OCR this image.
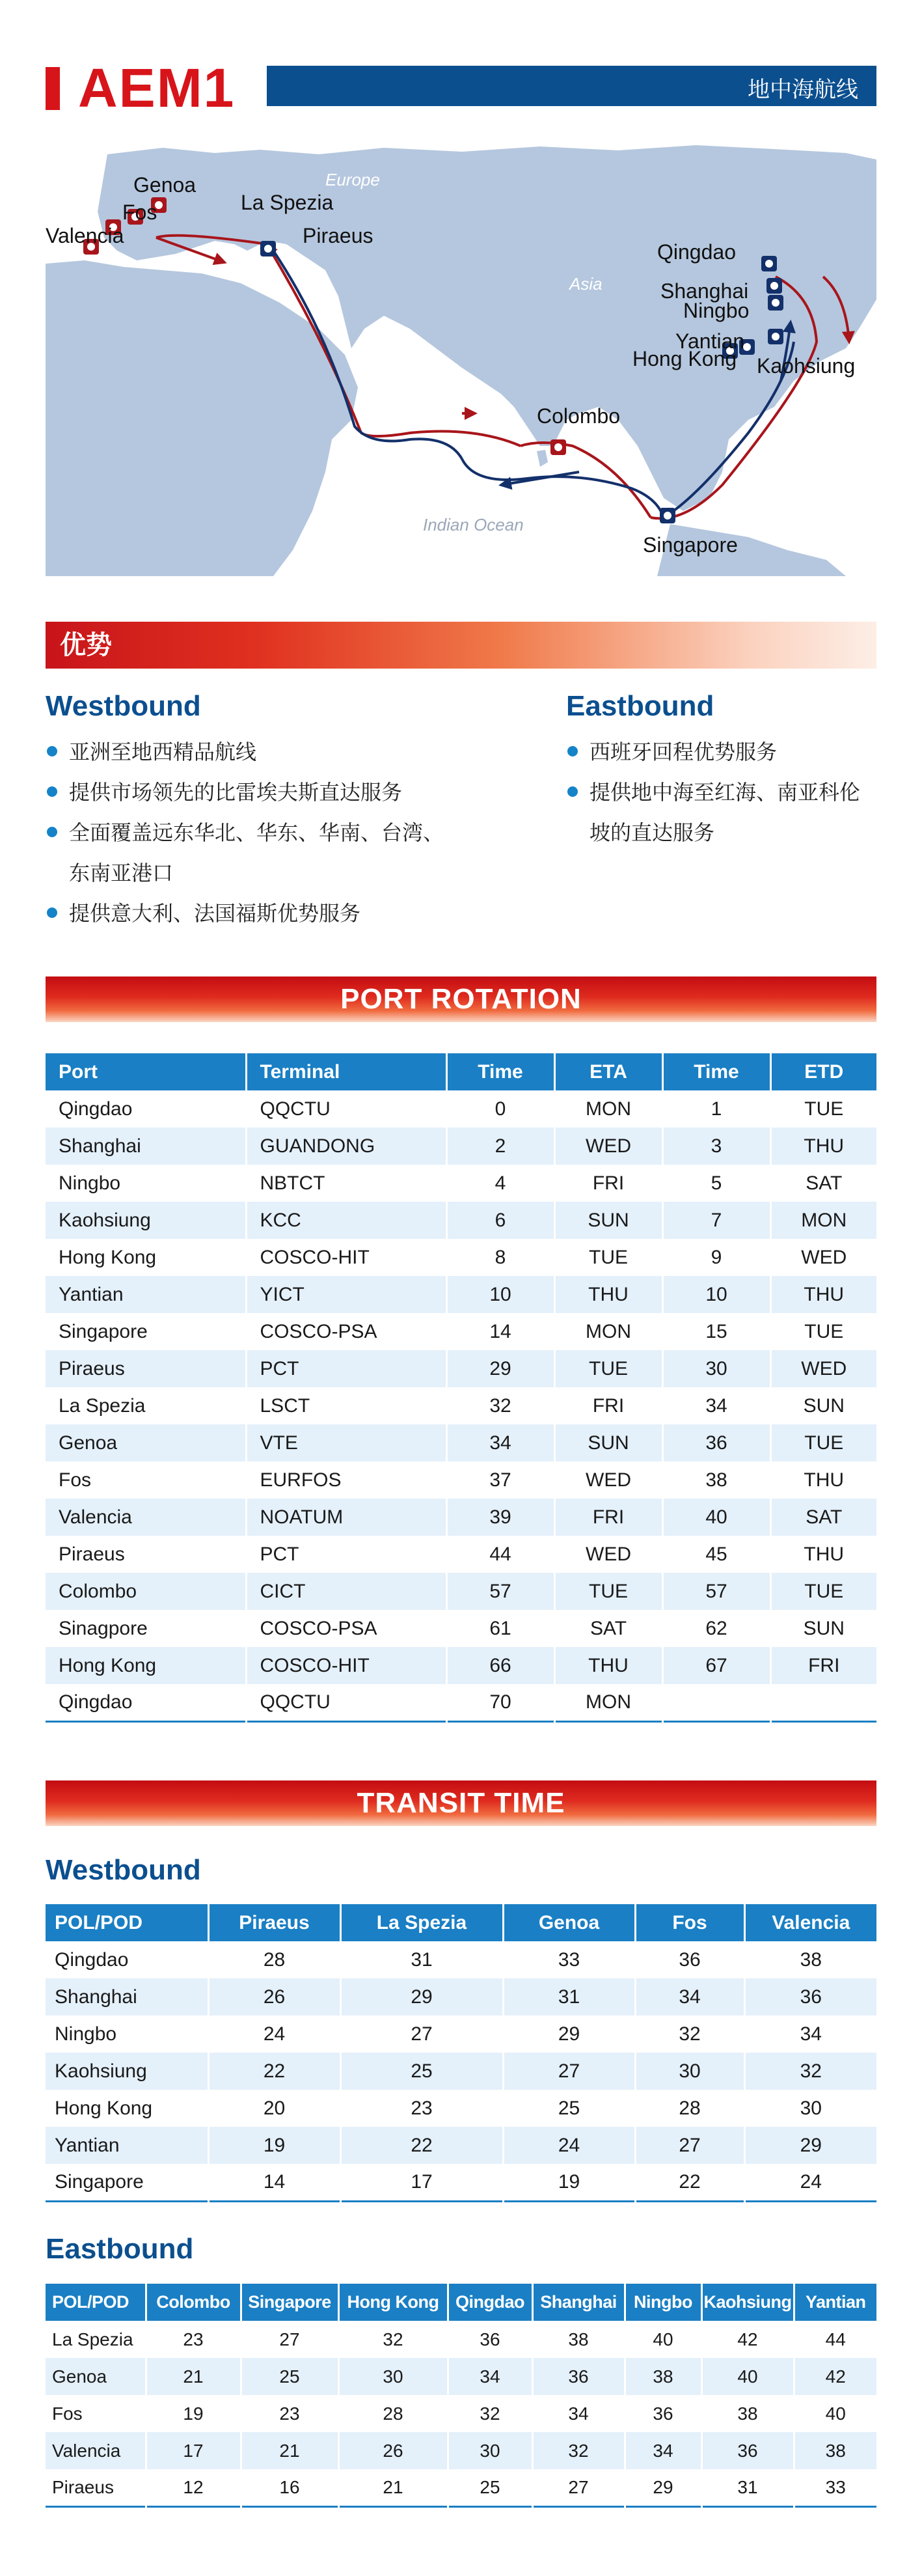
AEM1	地中海航线
Europe
Asia
Indian Ocean
Genoa
Fos	La Spezia
Valencia	Piraeus
Qingdao
Shanghai
Ningbo
Yantian
Hong Kong Kaohsiung
Colombo
Singapore
优势
Westbound
亚洲至地西精品航线
提供市场领先的比雷埃夫斯直达服务
全面覆盖远东华北、华东、华南、台湾、东南亚港口
提供意大利、法国福斯优势服务
Eastbound
西班牙回程优势服务
提供地中海至红海、南亚科伦坡的直达服务
PORT ROTATION
Port	Terminal	Time	ETA	Time	ETD
Qingdao	QQCTU	0	MON	1	TUE
Shanghai	GUANDONG	2	WED	3	THU
Ningbo	NBTCT	4	FRI	5	SAT
Kaohsiung	KCC	6	SUN	7	MON
Hong Kong	COSCO-HIT	8	TUE	9	WED
Yantian	YICT	10	THU	10	THU
Singapore	COSCO-PSA	14	MON	15	TUE
Piraeus	PCT	29	TUE	30	WED
La Spezia	LSCT	32	FRI	34	SUN
Genoa	VTE	34	SUN	36	TUE
Fos	EURFOS	37	WED	38	THU
Valencia	NOATUM	39	FRI	40	SAT
Piraeus	PCT	44	WED	45	THU
Colombo	CICT	57	TUE	57	TUE
Sinagpore	COSCO-PSA	61	SAT	62	SUN
Hong Kong	COSCO-HIT	66	THU	67	FRI
Qingdao	QQCTU	70	MON		
TRANSIT TIME
Westbound
POL/POD	Piraeus	La Spezia	Genoa	Fos	Valencia
Qingdao	28	31	33	36	38
Shanghai	26	29	31	34	36
Ningbo	24	27	29	32	34
Kaohsiung	22	25	27	30	32
Hong Kong	20	23	25	28	30
Yantian	19	22	24	27	29
Singapore	14	17	19	22	24
Eastbound
POL/POD	Colombo	Singapore	Hong Kong	Qingdao	Shanghai	Ningbo	Kaohsiung	Yantian
La Spezia	23	27	32	36	38	40	42	44
Genoa	21	25	30	34	36	38	40	42
Fos	19	23	28	32	34	36	38	40
Valencia	17	21	26	30	32	34	36	38
Piraeus	12	16	21	25	27	29	31	33
